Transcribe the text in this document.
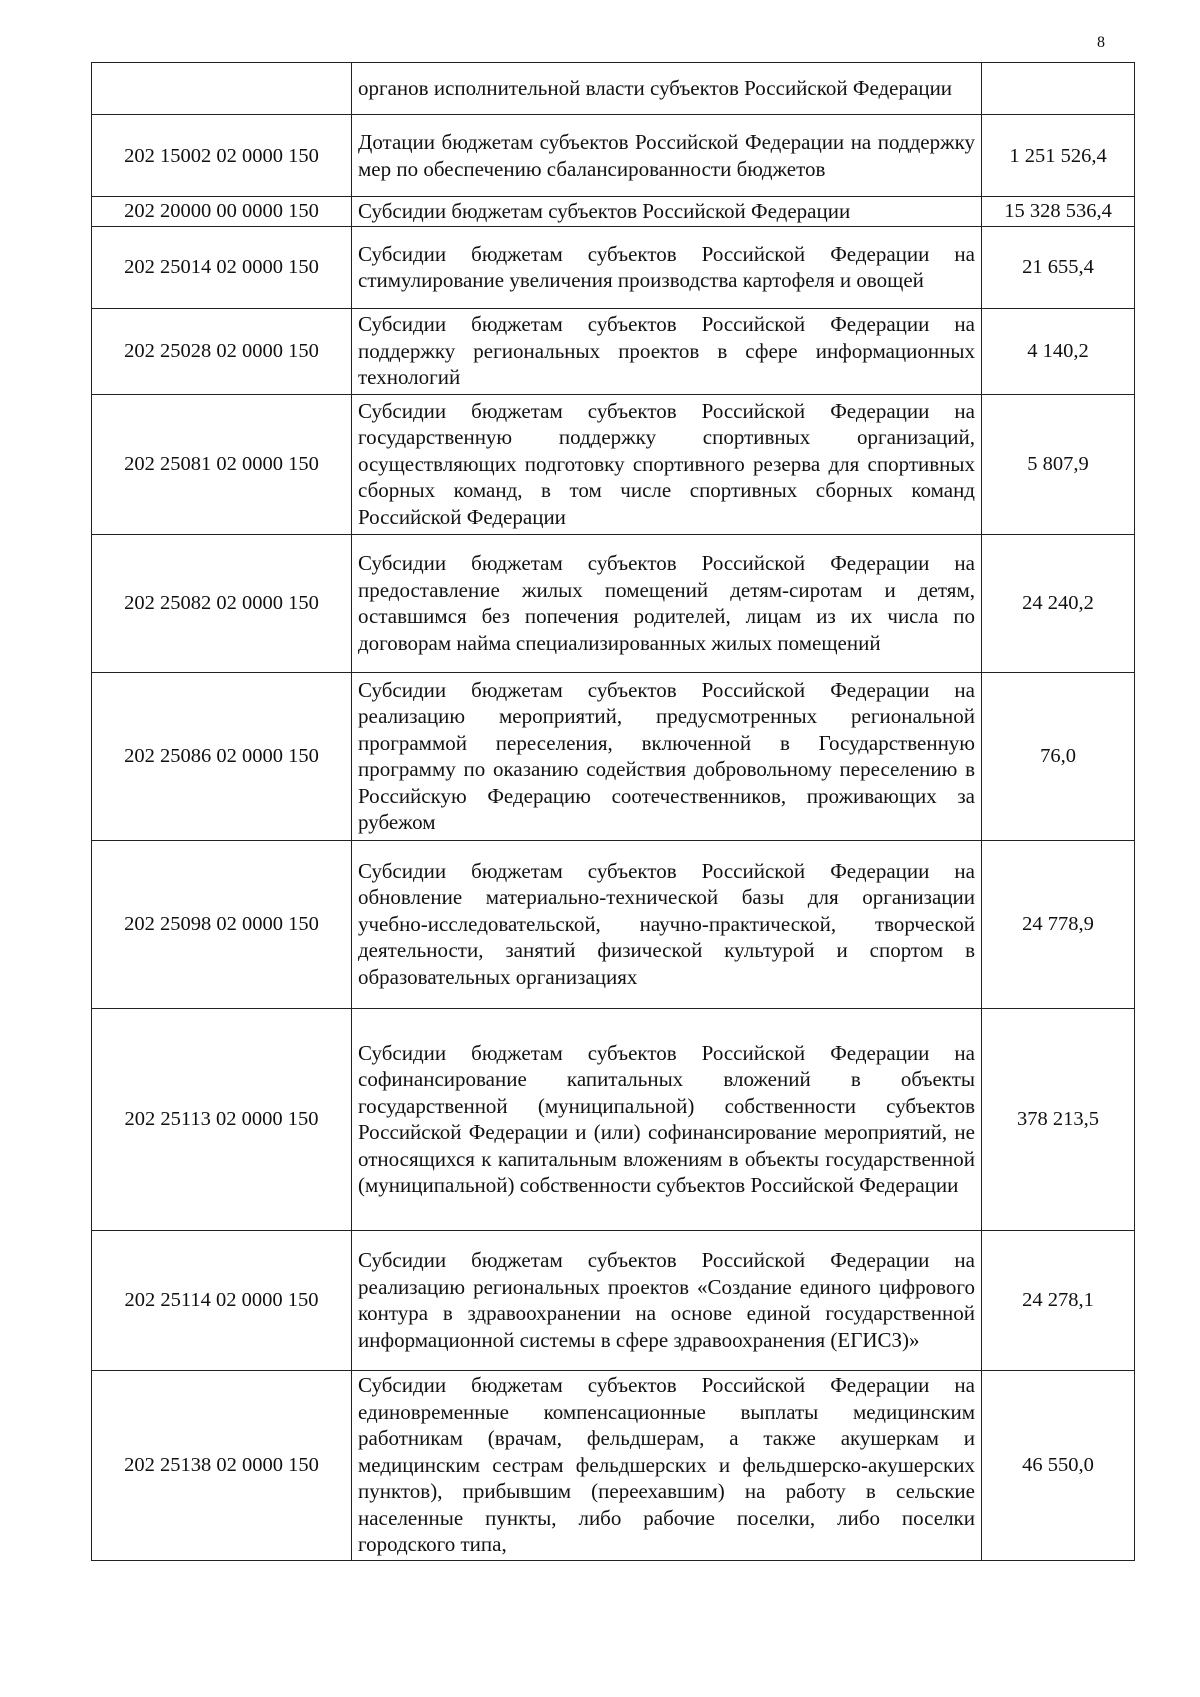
8
	органов исполнительной власти субъектов Российской Федерации	
202 15002 02 0000 150	Дотации бюджетам субъектов Российской Федерации на поддержку мер по обеспечению сбалансированности бюджетов	1 251 526,4
202 20000 00 0000 150	Субсидии бюджетам субъектов Российской Федерации	15 328 536,4
202 25014 02 0000 150	Субсидии бюджетам субъектов Российской Федерации на стимулирование увеличения производства картофеля и овощей	21 655,4
202 25028 02 0000 150	Субсидии бюджетам субъектов Российской Федерации на поддержку региональных проектов в сфере информационных технологий	4 140,2
202 25081 02 0000 150	Субсидии бюджетам субъектов Российской Федерации на государственную поддержку спортивных организаций, осуществляющих подготовку спортивного резерва для спортивных сборных команд, в том числе спортивных сборных команд Российской Федерации	5 807,9
202 25082 02 0000 150	Субсидии бюджетам субъектов Российской Федерации на предоставление жилых помещений детям-сиротам и детям, оставшимся без попечения родителей, лицам из их числа по договорам найма специализированных жилых помещений	24 240,2
202 25086 02 0000 150	Субсидии бюджетам субъектов Российской Федерации на реализацию мероприятий, предусмотренных региональной программой переселения, включенной в Государственную программу по оказанию содействия добровольному переселению в Российскую Федерацию соотечественников, проживающих за рубежом	76,0
202 25098 02 0000 150	Субсидии бюджетам субъектов Российской Федерации на обновление материально-технической базы для организации учебно-исследовательской, научно-практической, творческой деятельности, занятий физической культурой и спортом в образовательных организациях	24 778,9
202 25113 02 0000 150	Субсидии бюджетам субъектов Российской Федерации на софинансирование капитальных вложений в объекты государственной (муниципальной) собственности субъектов Российской Федерации и (или) софинансирование мероприятий, не относящихся к капитальным вложениям в объекты государственной (муниципальной) собственности субъектов Российской Федерации	378 213,5
202 25114 02 0000 150	Субсидии бюджетам субъектов Российской Федерации на реализацию региональных проектов «Создание единого цифрового контура в здравоохранении на основе единой государственной информационной системы в сфере здравоохранения (ЕГИСЗ)»	24 278,1
202 25138 02 0000 150	Субсидии бюджетам субъектов Российской Федерации на единовременные компенсационные выплаты медицинским работникам (врачам, фельдшерам, а также акушеркам и медицинским сестрам фельдшерских и фельдшерско-акушерских пунктов), прибывшим (переехавшим) на работу в сельские населенные пункты, либо рабочие поселки, либо поселки городского типа,	46 550,0
